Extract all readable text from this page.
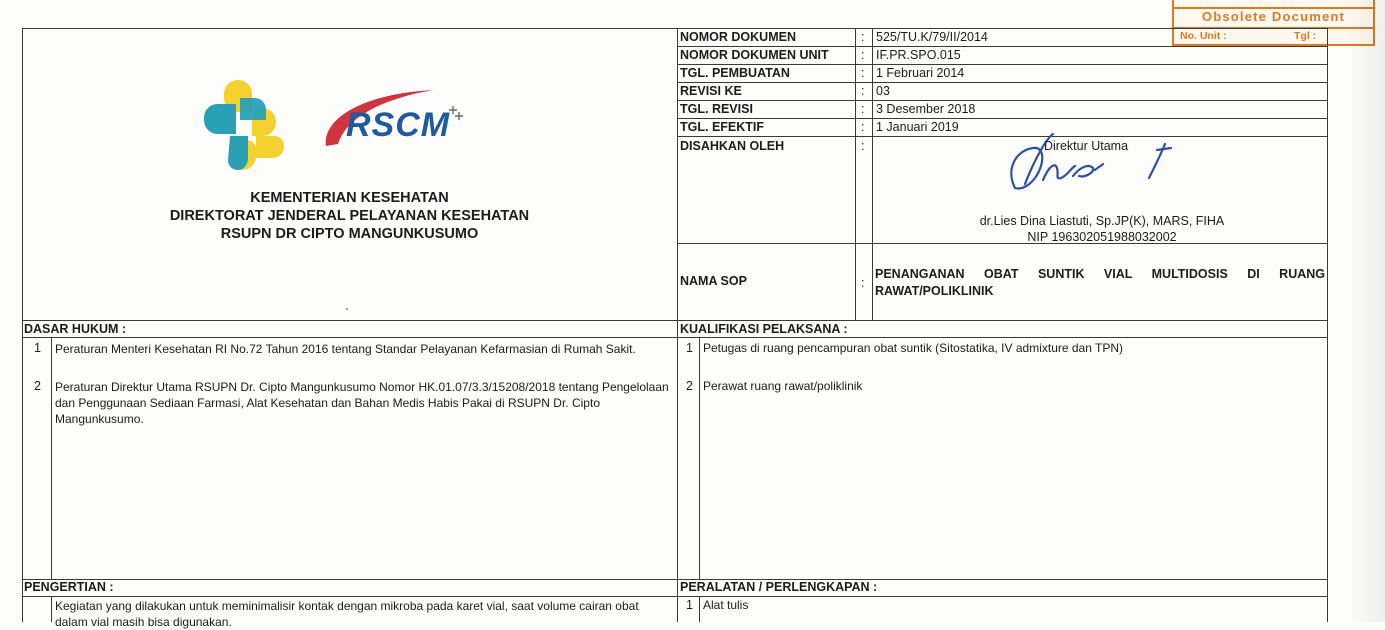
Obsolete Document
No. Unit :	Tgl :
RSCM
KEMENTERIAN KESEHATAN
DIREKTORAT JENDERAL PELAYANAN KESEHATAN
RSUPN DR CIPTO MANGUNKUSUMO
NOMOR DOKUMEN	: 525/TU.K/79/II/2014
NOMOR DOKUMEN UNIT	: IF.PR.SPO.015
TGL. PEMBUATAN	: 1 Februari 2014
REVISI KE	: 03
TGL. REVISI	: 3 Desember 2018
TGL. EFEKTIF	: 1 Januari 2019
DISAHKAN OLEH	:	Direktur Utama
dr.Lies Dina Liastuti, Sp.JP(K), MARS, FIHA
NIP 196302051988032002
NAMA SOP	:
PENANGANAN OBAT SUNTIK VIAL MULTIDOSIS DI RUANG RAWAT/POLIKLINIK
DASAR HUKUM :
1 Peraturan Menteri Kesehatan RI No.72 Tahun 2016 tentang Standar Pelayanan Kefarmasian di Rumah Sakit.
2 Peraturan Direktur Utama RSUPN Dr. Cipto Mangunkusumo Nomor HK.01.07/3.3/15208/2018 tentang Pengelolaan dan Penggunaan Sediaan Farmasi, Alat Kesehatan dan Bahan Medis Habis Pakai di RSUPN Dr. Cipto Mangunkusumo.
KUALIFIKASI PELAKSANA :
1 Petugas di ruang pencampuran obat suntik (Sitostatika, IV admixture dan TPN)
2 Perawat ruang rawat/poliklinik
PENGERTIAN :
Kegiatan yang dilakukan untuk meminimalisir kontak dengan mikroba pada karet vial, saat volume cairan obat dalam vial masih bisa digunakan.
PERALATAN / PERLENGKAPAN :
1 Alat tulis
